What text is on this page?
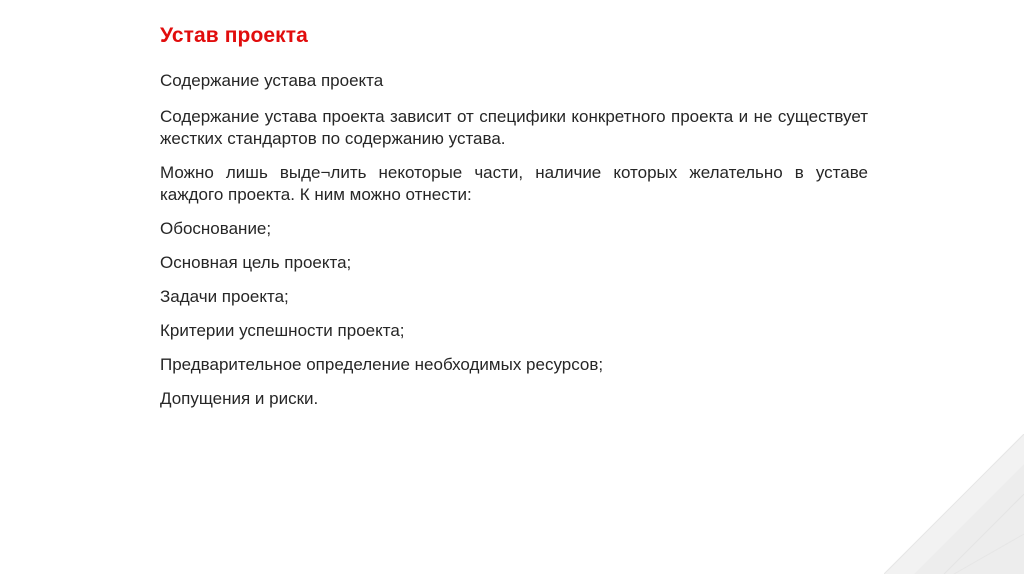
Устав проекта
Содержание устава проекта
Содержание устава проекта зависит от специфики конкретного проекта и не существует жестких стандартов по содержанию устава.
Можно лишь выде¬лить некоторые части, наличие которых желательно в уставе каждого проекта. К ним можно отнести:
Обоснование;
Основная цель проекта;
Задачи проекта;
Критерии успешности проекта;
Предварительное определение необходимых ресурсов;
Допущения и риски.
